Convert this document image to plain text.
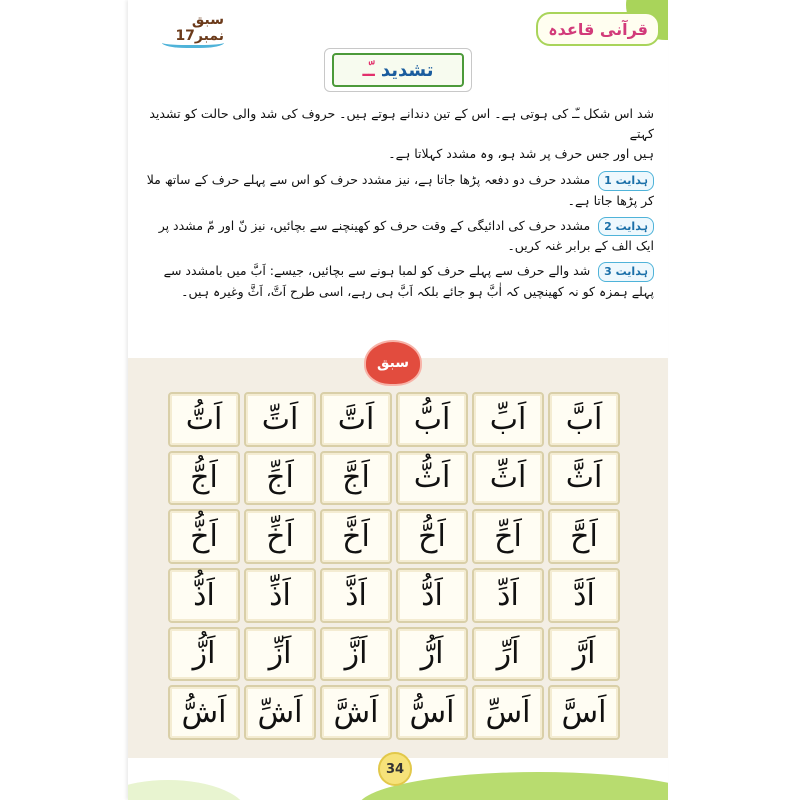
قرآنی قاعدہ
سبق نمبر17
تشدید
ـّـ
شد اس شکل ـّـ کی ہوتی ہے۔ اس کے تین دندانے ہوتے ہیں۔ حروف کی شد والی حالت کو تشدید کہتے
ہیں اور جس حرف پر شد ہو، وہ مشدد کہلاتا ہے۔
ہدایت 1 مشدد حرف دو دفعہ پڑھا جاتا ہے، نیز مشدد حرف کو اس سے پہلے حرف کے ساتھ ملا کر پڑھا جاتا ہے۔
ہدایت 2 مشدد حرف کی ادائیگی کے وقت حرف کو کھینچنے سے بچائیں، نیز نّ اور مّ مشدد پر ایک الف کے برابر غنہ کریں۔
ہدایت 3 شد والے حرف سے پہلے حرف کو لمبا ہونے سے بچائیں، جیسے: اَبَّ میں بامشدد سے پہلے ہمزہ کو نہ کھینچیں کہ اٰبَّ ہو جائے بلکہ اَبَّ ہی رہے، اسی طرح اَتَّ، اَثَّ وغیرہ ہیں۔
سبق
اَبَّ
اَبِّ
اَبُّ
اَتَّ
اَتِّ
اَتُّ
اَثَّ
اَثِّ
اَثُّ
اَجَّ
اَجِّ
اَجُّ
اَحَّ
اَحِّ
اَحُّ
اَخَّ
اَخِّ
اَخُّ
اَدَّ
اَدِّ
اَدُّ
اَذَّ
اَذِّ
اَذُّ
اَرَّ
اَرِّ
اَرُّ
اَزَّ
اَزِّ
اَزُّ
اَسَّ
اَسِّ
اَسُّ
اَشَّ
اَشِّ
اَشُّ
34
